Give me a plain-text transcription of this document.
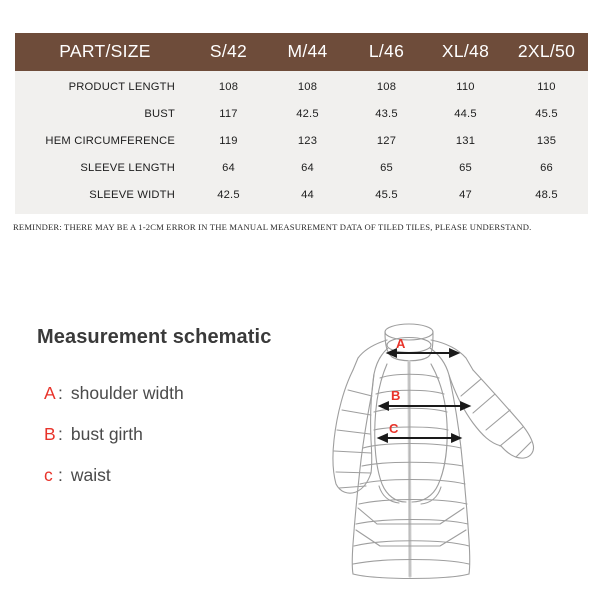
PART/SIZE	S/42	M/44	L/46	XL/48	2XL/50
PRODUCT LENGTH	108	108	108	110	110
BUST	117	42.5	43.5	44.5	45.5
HEM CIRCUMFERENCE	119	123	127	131	135
SLEEVE LENGTH	64	64	65	65	66
SLEEVE WIDTH	42.5	44	45.5	47	48.5
REMINDER: THERE MAY BE A 1-2CM ERROR IN THE MANUAL MEASUREMENT DATA OF TILED TILES, PLEASE UNDERSTAND.
Measurement schematic
A : shoulder width
B : bust girth
c : waist
A
B
C
